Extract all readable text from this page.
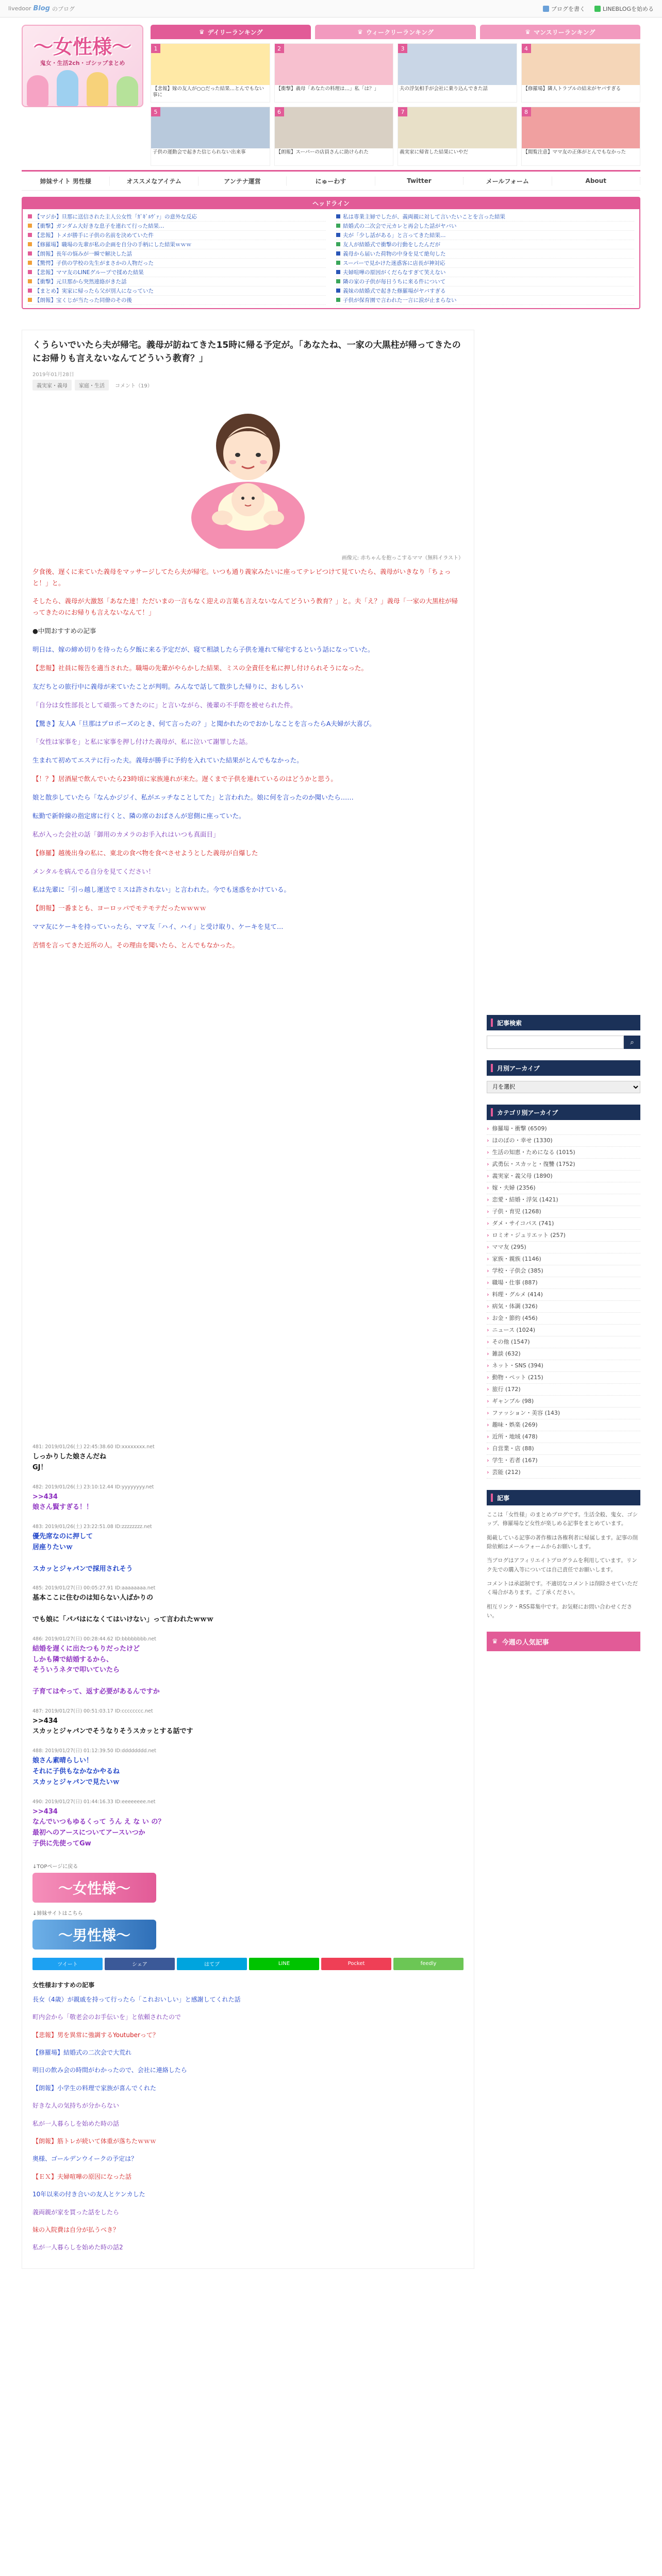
livedoor Blog のブログ	ブログを書く	LINEBLOGを始める
～女性様～
鬼女・生活2ch・ゴシップまとめ
♛ デイリーランキング	♛ ウィークリーランキング	♛ マンスリーランキング
1
【悲報】嫁の友人が○○だった結果…とんでもない事に
2
【衝撃】義母「あなたの料理は…」私「は？」
3
夫の浮気相手が会社に乗り込んできた話
4
【修羅場】隣人トラブルの結末がヤバすぎる
5
子供の運動会で起きた信じられない出来事
6
【朗報】スーパーの店員さんに助けられた
7
義実家に帰省した結果にいやだ
8
【閲覧注意】ママ友の正体がとんでもなかった
姉妹サイト 男性様	オススメなアイテム	アンテナ運営	にゅーわす	Twitter	メールフォーム	About
ヘッドライン
【マジか】旦那に送信された主人公女性「ｶﾞｷﾞﾙｳﾞｧ」の意外な反応	私は専業主婦でしたが、義両親に対して言いたいことを言った結果
【衝撃】ガンダム大好きな息子を連れて行った結果…	結婚式の二次会で元カレと再会した話がヤバい
【悲報】トメが勝手に子供の名前を決めていた件	夫が「少し話がある」と言ってきた結果…
【修羅場】職場の先輩が私の企画を自分の手柄にした結果ｗｗｗ	友人が結婚式で衝撃の行動をしたんだが
【朗報】長年の悩みが一瞬で解決した話	義母から届いた荷物の中身を見て絶句した
【驚愕】子供の学校の先生がまさかの人物だった	スーパーで見かけた迷惑客に店長が神対応
【悲報】ママ友のLINEグループで揉めた結果	夫婦喧嘩の原因がくだらなすぎて笑えない
【衝撃】元旦那から突然連絡がきた話	隣の家の子供が毎日うちに来る件について
【まとめ】実家に帰ったら父が別人になっていた	義妹の結婚式で起きた修羅場がヤバすぎる
【朗報】宝くじが当たった同僚のその後	子供が保育園で言われた一言に涙が止まらない
くうらいでいたら夫が帰宅。義母が訪ねてきた15時に帰る予定が。「あなたね、一家の大黒柱が帰ってきたのにお帰りも言えないなんてどういう教育？」
2019年01月28日
義実家・義母	家庭・生活	コメント（19）
画像元: 赤ちゃんを抱っこするママ（無料イラスト）

夕食後、遅くに来ていた義母をマッサージしてたら夫が帰宅。いつも通り義家みたいに座ってテレビつけて見ていたら、義母がいきなり「ちょっと！」と。

そしたら、義母が大激怒「あなた達！ただいまの一言もなく迎えの言葉も言えないなんてどういう教育？」と。夫「え？」義母「一家の大黒柱が帰ってきたのにお帰りも言えないなんて！」

●中間おすすめの記事

明日は、嫁の締め切りを待ったら夕飯に来る予定だが、寝て相談したら子供を連れて帰宅するという話になっていた。

【悲報】社員に報告を適当された。職場の先輩がやらかした結果、ミスの全責任を私に押し付けられそうになった。

友だちとの旅行中に義母が来ていたことが判明。みんなで話して散歩した帰りに、おもしろい

「自分は女性部長として頑張ってきたのに」と言いながら、後輩の不手際を被せられた件。

【驚き】友人A「旦那はプロポーズのとき、何て言ったの？」と聞かれたのでおかしなことを言ったらA夫婦が大喜び。

「女性は家事を」と私に家事を押し付けた義母が、私に泣いて謝罪した話。

生まれて初めてエステに行った夫。義母が勝手に予約を入れていた結果がとんでもなかった。

【！？】居酒屋で飲んでいたら23時頃に家族連れが来た。遅くまで子供を連れているのはどうかと思う。

娘と散歩していたら「なんかジジイ、私がエッチなことしてた」と言われた。娘に何を言ったのか聞いたら……

転勤で新幹線の指定席に行くと、隣の席のおばさんが窓側に座っていた。

私が入った会社の話「御用のカメラのお手入れはいつも真面目」

【修羅】越後出身の私に、東北の食べ物を食べさせようとした義母が自爆した

メンタルを病んでる自分を見てください！

私は先輩に「引っ越し運送でミスは許されない」と言われた。今でも迷惑をかけている。

【朗報】一番まとも、ヨーロッパでモテモテだったｗｗｗｗ

ママ友にケーキを持っていったら、ママ友「ハイ、ハイ」と受け取り、ケーキを見て…

苦情を言ってきた近所の人。その理由を聞いたら、とんでもなかった。

481: 2019/01/26(土) 22:45:38.60 ID:xxxxxxxx.net
しっかりした娘さんだね
GJ！
482: 2019/01/26(土) 23:10:12.44 ID:yyyyyyyy.net
>>434
娘さん賢すぎる！！
483: 2019/01/26(土) 23:22:51.08 ID:zzzzzzzz.net
優先席なのに押して
居座りたいｗ

スカッとジャパンで採用されそう
485: 2019/01/27(日) 00:05:27.91 ID:aaaaaaaa.net
基本ここに住むのは知らない人ばかりの

でも娘に「パパはになくてはいけない」って言われたｗｗｗ
486: 2019/01/27(日) 00:28:44.62 ID:bbbbbbbb.net
結婚を遅くに出たつもりだったけど
しかも隣で結婚するから、
そういうネタで叩いていたら

子育てはやって、返す必要があるんですか
487: 2019/01/27(日) 00:51:03.17 ID:cccccccc.net
>>434
スカッとジャパンでそうなりそうスカッとする話です
488: 2019/01/27(日) 01:12:39.50 ID:dddddddd.net
娘さん素晴らしい！
それに子供もなかなかやるね
スカッとジャパンで見たいｗ
490: 2019/01/27(日) 01:44:16.33 ID:eeeeeeee.net
>>434
なんでいつもゆるくって うん え な い の？
最初へのアースについてアースいつか
子供に先使ってGw
↓TOPページに戻る
～女性様～
↓姉妹サイトはこちら
～男性様～
ツイート	シェア	はてブ	LINE	Pocket	feedly
女性様おすすめの記事

長女（4歳）が親戚を持って行ったら「これおいしい」と感謝してくれた話

町内会から「敬老会のお手伝いを」と依頼されたので

【悲報】男を異常に強調するYoutuberって？

【修羅場】結婚式の二次会で大荒れ

明日の飲み会の時間がわかったので、会社に連絡したら

【朗報】小学生の料理で家族が喜んでくれた

好きな人の気持ちが分からない

私が一人暮らしを始めた時の話

【朗報】筋トレが続いて体重が落ちたｗｗｗ

奥様、ゴールデンウイークの予定は？

【ＥＸ】夫婦喧嘩の原因になった話

10年以来の付き合いの友人とケンカした

義両親が家を買った話をしたら

妹の入院費は自分が払うべき？

私が一人暮らしを始めた時の話2

記事検索
⌕
月別アーカイブ
月を選択
カテゴリ別アーカイブ
› 修羅場・衝撃 (6509)
› ほのぼの・幸せ (1330)
› 生活の知恵・ためになる (1015)
› 武勇伝・スカッと・復讐 (1752)
› 義実家・義父母 (1890)
› 嫁・夫婦 (2356)
› 恋愛・結婚・浮気 (1421)
› 子供・育児 (1268)
› ダメ・サイコパス (741)
› ロミオ・ジュリエット (257)
› ママ友 (295)
› 家族・親族 (1146)
› 学校・子供会 (385)
› 職場・仕事 (887)
› 料理・グルメ (414)
› 病気・体調 (326)
› お金・節約 (456)
› ニュース (1024)
› その他 (1547)
› 雑談 (632)
› ネット・SNS (394)
› 動物・ペット (215)
› 旅行 (172)
› ギャンブル (98)
› ファッション・美容 (143)
› 趣味・娯楽 (269)
› 近所・地域 (478)
› 自営業・店 (88)
› 学生・若者 (167)
› 芸能 (212)
記事

ここは「女性様」のまとめブログです。生活全般、鬼女、ゴシップ、修羅場など女性が楽しめる記事をまとめています。

掲載している記事の著作権は各権利者に帰属します。記事の削除依頼はメールフォームからお願いします。

当ブログはアフィリエイトプログラムを利用しています。リンク先での購入等については自己責任でお願いします。

コメントは承認制です。不適切なコメントは削除させていただく場合があります。ご了承ください。

相互リンク・RSS募集中です。お気軽にお問い合わせください。

♛ 今週の人気記事
